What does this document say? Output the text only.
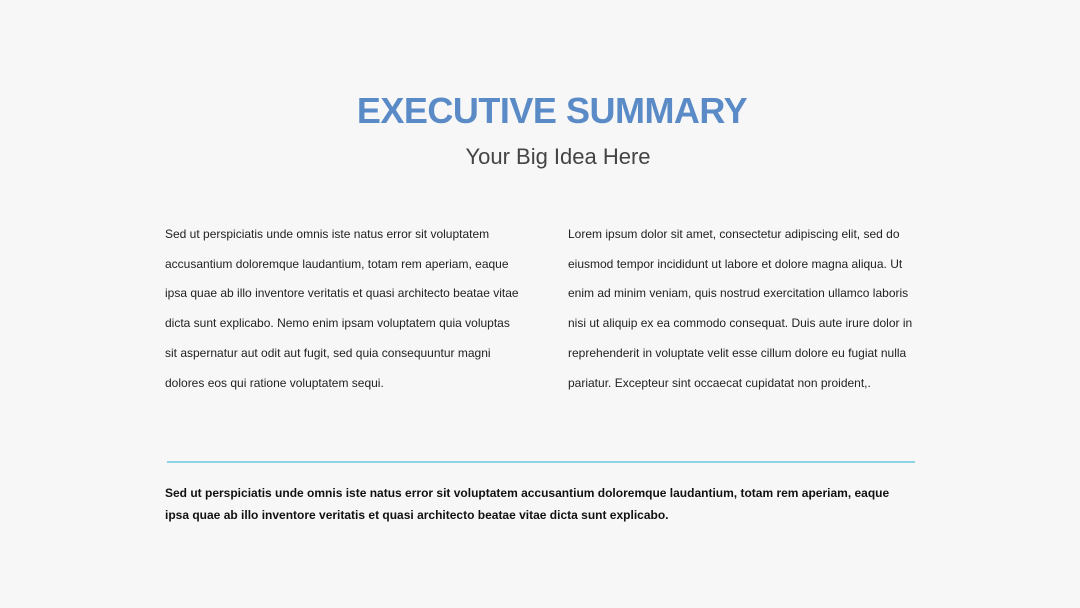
EXECUTIVE SUMMARY
Your Big Idea Here
Sed ut perspiciatis unde omnis iste natus error sit voluptatem accusantium doloremque laudantium, totam rem aperiam, eaque ipsa quae ab illo inventore veritatis et quasi architecto beatae vitae dicta sunt explicabo. Nemo enim ipsam voluptatem quia voluptas sit aspernatur aut odit aut fugit, sed quia consequuntur magni dolores eos qui ratione voluptatem sequi.
Lorem ipsum dolor sit amet, consectetur adipiscing elit, sed do eiusmod tempor incididunt ut labore et dolore magna aliqua. Ut enim ad minim veniam, quis nostrud exercitation ullamco laboris nisi ut aliquip ex ea commodo consequat. Duis aute irure dolor in reprehenderit in voluptate velit esse cillum dolore eu fugiat nulla pariatur. Excepteur sint occaecat cupidatat non proident,.
Sed ut perspiciatis unde omnis iste natus error sit voluptatem accusantium doloremque laudantium, totam rem aperiam, eaque ipsa quae ab illo inventore veritatis et quasi architecto beatae vitae dicta sunt explicabo.
